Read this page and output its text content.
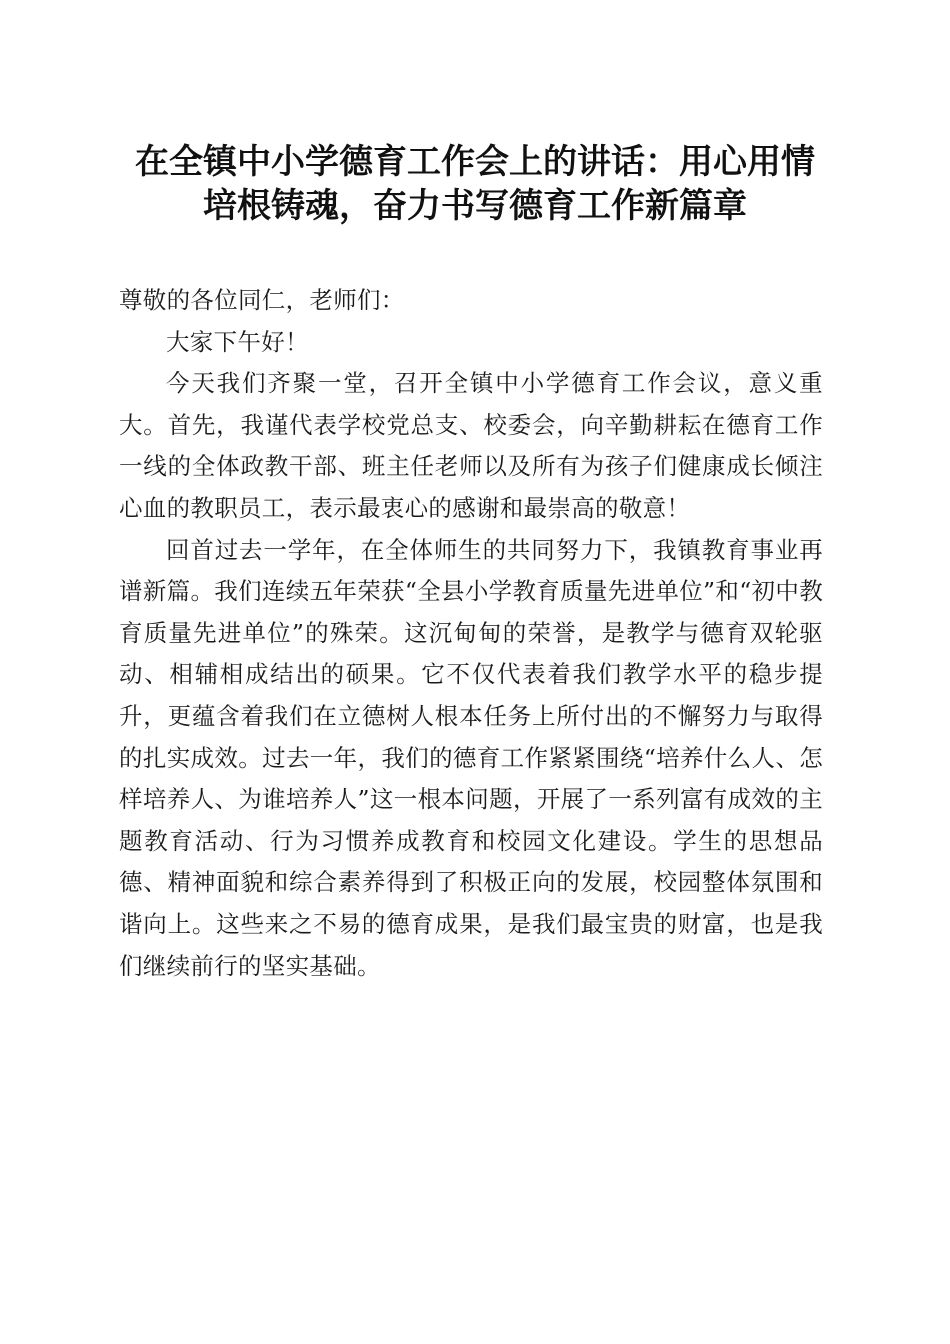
在全镇中小学德育工作会上的讲话：用心用情
培根铸魂，奋力书写德育工作新篇章

尊敬的各位同仁，老师们：

大家下午好！

今天我们齐聚一堂，召开全镇中小学德育工作会议，意义重大。首先，我谨代表学校党总支、校委会，向辛勤耕耘在德育工作一线的全体政教干部、班主任老师以及所有为孩子们健康成长倾注心血的教职员工，表示最衷心的感谢和最崇高的敬意！

回首过去一学年，在全体师生的共同努力下，我镇教育事业再谱新篇。我们连续五年荣获“全县小学教育质量先进单位”和“初中教育质量先进单位”的殊荣。这沉甸甸的荣誉，是教学与德育双轮驱动、相辅相成结出的硕果。它不仅代表着我们教学水平的稳步提升，更蕴含着我们在立德树人根本任务上所付出的不懈努力与取得的扎实成效。过去一年，我们的德育工作紧紧围绕“培养什么人、怎样培养人、为谁培养人”这一根本问题，开展了一系列富有成效的主题教育活动、行为习惯养成教育和校园文化建设。学生的思想品德、精神面貌和综合素养得到了积极正向的发展，校园整体氛围和谐向上。这些来之不易的德育成果，是我们最宝贵的财富，也是我们继续前行的坚实基础。
